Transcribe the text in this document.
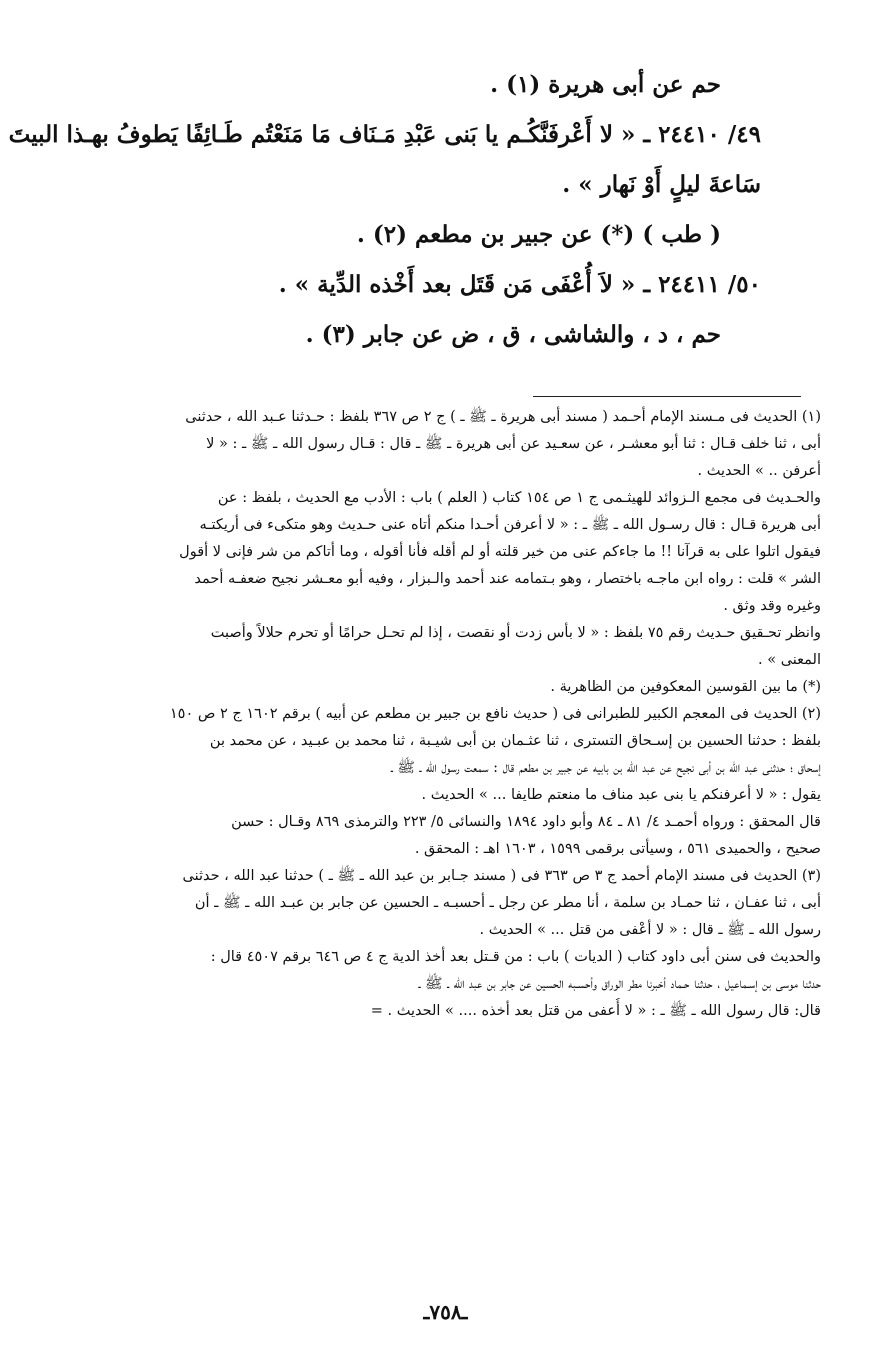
حم عن أبى هريرة (١) .
٤٩/ ٢٤٤١٠ ـ « لا أَعْرفَنَّكُـم يا بَنى عَبْدِ مَـنَاف مَا مَنَعْتُم طَـائِفًا يَطوفُ بهـذا البيتَ
سَاعةَ ليلٍ أَوْ نَهار » .
( طب ) (*) عن جبير بن مطعم (٢) .
٥٠/ ٢٤٤١١ ـ « لاَ أُعْفَى مَن قَتَل بعد أَخْذه الدِّية » .
حم ، د ، والشاشى ، ق ، ض عن جابر (٣) .
(١) الحديث فى مـسند الإمام أحـمد ( مسند أبى هريرة ـ ﷺ ـ ) ج ٢ ص ٣٦٧ بلفظ : حـدثنا عـبد الله ، حدثنى
أبى ، ثنا خلف قـال : ثنا أبو معشـر ، عن سعـيد عن أبى هريرة ـ ﷺ ـ قال : قـال رسول الله ـ ﷺ ـ : « لا
أعرفن .. » الحديث .
والحـديث فى مجمع الـزوائد للهيثـمى ج ١ ص ١٥٤ كتاب ( العلم ) باب : الأدب مع الحديث ، بلفظ : عن
أبى هريرة قـال : قال رسـول الله ـ ﷺ ـ : « لا أعرفن أحـدا منكم أتاه عنى حـديث وهو متكىء فى أريكتـه
فيقول اتلوا على به قرآنا !! ما جاءكم عنى من خير قلته أو لم أقله فأنا أقوله ، وما أتاكم من شر فإنى لا أقول
الشر » قلت : رواه ابن ماجـه باختصار ، وهو بـتمامه عند أحمد والـبزار ، وفيه أبو معـشر نجيح ضعفـه أحمد
وغيره وقد وثق .
وانظر تحـقيق حـديث رقم ٧٥ بلفظ : « لا بأس زدت أو نقصت ، إذا لم تحـل حرامًا أو تحرم حلالاً وأصبت
المعنى » .
(*) ما بين القوسين المعكوفين من الظاهرية .
(٢) الحديث فى المعجم الكبير للطبرانى فى ( حديث نافع بن جبير بن مطعم عن أبيه ) برقم ١٦٠٢ ج ٢ ص ١٥٠
بلفظ : حدثنا الحسين بن إسـحاق التسترى ، ثنا عثـمان بن أبى شيـبة ، ثنا محمد بن عبـيد ، عن محمد بن
إسحاق ؛ حدثنى عبد الله بن أبى نجيح عن عبد الله بن بابيه عن جبير بن مطعم قال : سمعت رسول الله ـ ﷺ ـ
يقول : « لا أعرفنكم يا بنى عبد مناف ما منعتم طايفا ... » الحديث .
قال المحقق : ورواه أحمـد ٤/ ٨١ ـ ٨٤ وأبو داود ١٨٩٤ والنسائى ٥/ ٢٢٣ والترمذى ٨٦٩ وقـال : حسن
صحيح ، والحميدى ٥٦١ ، وسيأتى برقمى ١٥٩٩ ، ١٦٠٣ اهـ : المحقق .
(٣) الحديث فى مسند الإمام أحمد ج ٣ ص ٣٦٣ فى ( مسند جـابر بن عبد الله ـ ﷺ ـ ) حدثنا عبد الله ، حدثنى
أبى ، ثنا عفـان ، ثنا حمـاد بن سلمة ، أنا مطر عن رجل ـ أحسبـه ـ الحسين عن جابر بن عبـد الله ـ ﷺ ـ أن
رسول الله ـ ﷺ ـ قال : « لا أعْفى من قتل ... » الحديث .
والحديث فى سنن أبى داود كتاب ( الديات ) باب : من قـتل بعد أخذ الدية ج ٤ ص ٦٤٦ برقم ٤٥٠٧ قال :
حدثنا موسى بن إسـماعيل ، حدثنا حـماد أخبرنا مطر الوراق وأحسـبه الحسين عن جابر بن عبد الله ـ ﷺ ـ
قال: قال رسول الله ـ ﷺ ـ : « لا أُعفى من قتل بعد أخذه .... » الحديث . =
ـ٧٥٨ـ
